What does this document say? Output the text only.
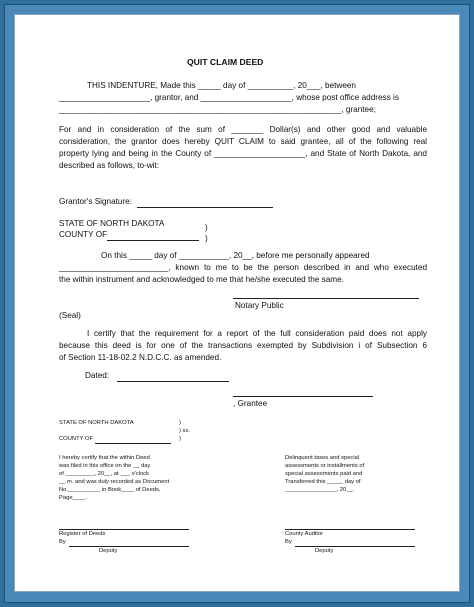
QUIT CLAIM DEED
THIS INDENTURE, Made this _____ day of __________, 20___, between
____________________, grantor, and ____________________, whose post office address is
______________________________________________________________, grantee;
For and in consideration of the sum of _______ Dollar(s) and other good and valuable
consideration, the grantor does hereby QUIT CLAIM to said grantee, all of the following real
property lying and being in the County of ____________________, and State of North Dakota, and
described as follows, to-wit:
Grantor's Signature:
STATE OF NORTH DAKOTA	)
COUNTY OF	)
On this _____ day of ___________, 20__, before me personally appeared
________________________, known to me to be the person described in and who executed
the within instrument and acknowledged to me that he/she executed the same.
Notary Public
(Seal)
I certify that the requirement for a report of the full consideration paid does not apply
because this deed is for one of the transactions exempted by Subdivision i of Subsection 6
of Section 11-18-02.2 N.D.C.C. as amended.
Dated:
, Grantee
STATE OF NORTH DAKOTA	)
) ss.
COUNTY OF	)
I hereby certify that the within Deed
was filed in this office on the __ day
of _________, 20__, at ___ o'clock
__ m. and was duly recorded as Document
No.__________ in Book____ of Deeds,
Page____.
Delinquent taxes and special
assessments or installments of
special assessments paid and
Transferred this _____ day of
________________, 20__.
Register of Deeds
By
Deputy
County Auditor
By
Deputy
